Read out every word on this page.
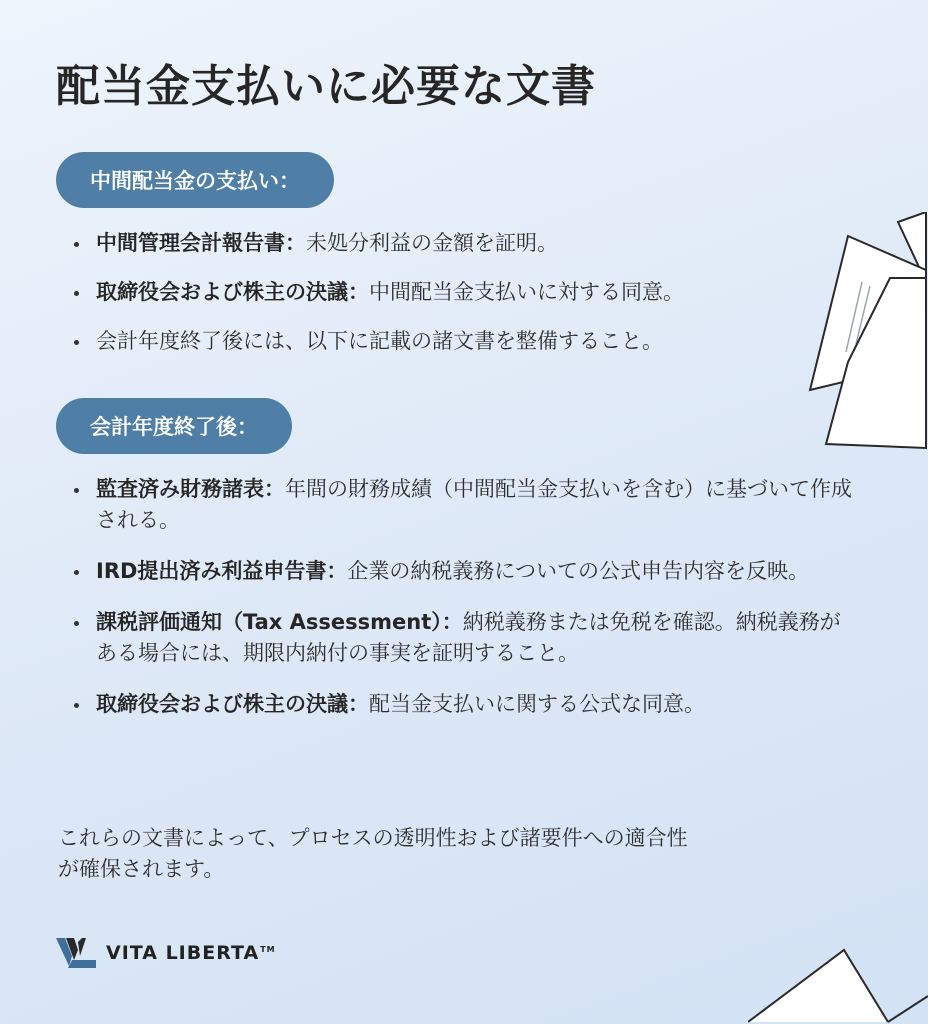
配当金支払いに必要な文書
中間配当金の支払い：
中間管理会計報告書：未処分利益の金額を証明。
取締役会および株主の決議：中間配当金支払いに対する同意。
会計年度終了後には、以下に記載の諸文書を整備すること。
会計年度終了後：
監査済み財務諸表：年間の財務成績（中間配当金支払いを含む）に基づいて作成される。
IRD提出済み利益申告書：企業の納税義務についての公式申告内容を反映。
課税評価通知（Tax Assessment）：納税義務または免税を確認。納税義務がある場合には、期限内納付の事実を証明すること。
取締役会および株主の決議：配当金支払いに関する公式な同意。

これらの文書によって、プロセスの透明性および諸要件への適合性が確保されます。

VITA LIBERTA™
